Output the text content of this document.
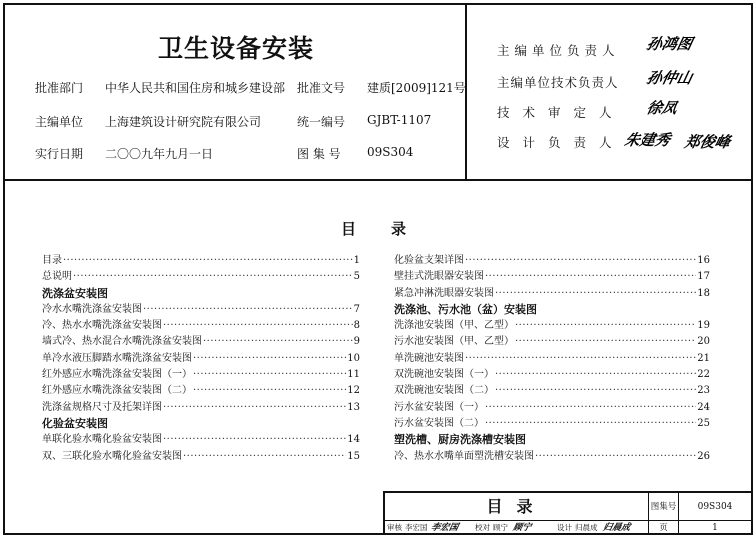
卫生设备安装
批准部门 中华人民共和国住房和城乡建设部 批准文号 建质[2009]121号
主编单位 上海建筑设计研究院有限公司	统一编号 GJBT-1107
实行日期 二〇〇九年九月一日	图 集 号 09S304
主编单位负责人 孙鸿图
主编单位技术负责人 孙仲山
技术审定人 徐凤
设计负责人
朱建秀 郑俊峰
目 录
目录 ·····	1
总说明 ·····	5
洗涤盆安装图
冷水水嘴洗涤盆安装图 ·····	7
冷、热水水嘴洗涤盆安装图 ·····	8
墙式冷、热水混合水嘴洗涤盆安装图 ·····	9
单冷水液压脚踏水嘴洗涤盆安装图 ·····	10
红外感应水嘴洗涤盆安装图（一） ·····	11
红外感应水嘴洗涤盆安装图（二） ·····	12
洗涤盆规格尺寸及托架详图 ·····	13
化验盆安装图
单联化验水嘴化验盆安装图 ·····	14
双、三联化验水嘴化验盆安装图 ·····	15
化验盆支架详图 ·····	16
壁挂式洗眼器安装图 ·····	17
紧急冲淋洗眼器安装图 ·····	18
洗涤池、污水池（盆）安装图
洗涤池安装图（甲、乙型） ·····	19
污水池安装图（甲、乙型） ·····	20
单洗碗池安装图 ·····	21
双洗碗池安装图（一） ·····	22
双洗碗池安装图（二） ·····	23
污水盆安装图（一） ·····	24
污水盆安装图（二） ·····	25
塑洗槽、厨房洗涤槽安装图
冷、热水水嘴单面塑洗槽安装图 ·····	26
目录	图集号	09S304
页	1
审核 李宏国 李宏国 校对 顾宁 顾宁	设计 归晨成 归晨成
